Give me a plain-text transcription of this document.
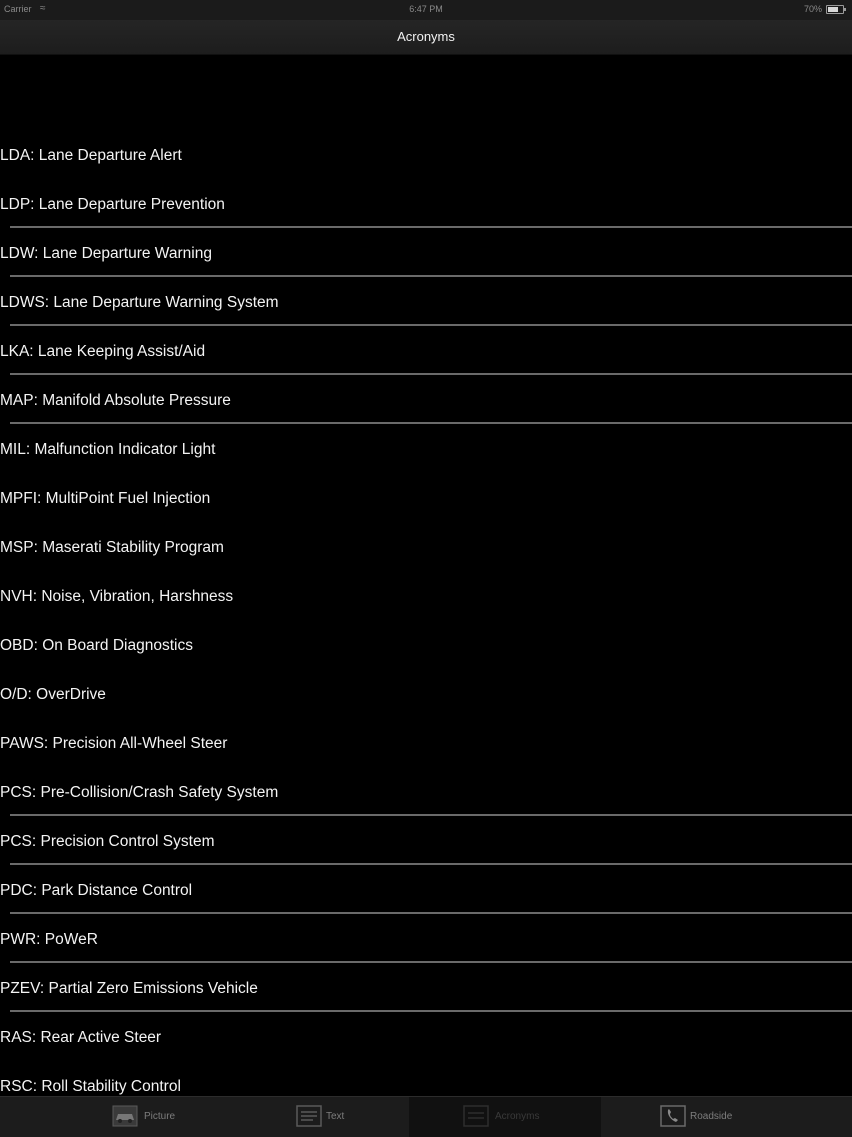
Carrier ≈	6:47 PM	70%
Acronyms
LDA: Lane Departure Alert
LDP: Lane Departure Prevention
LDW: Lane Departure Warning
LDWS: Lane Departure Warning System
LKA: Lane Keeping Assist/Aid
MAP: Manifold Absolute Pressure
MIL: Malfunction Indicator Light
MPFI: MultiPoint Fuel Injection
MSP: Maserati Stability Program
NVH: Noise, Vibration, Harshness
OBD: On Board Diagnostics
O/D: OverDrive
PAWS: Precision All-Wheel Steer
PCS: Pre-Collision/Crash Safety System
PCS: Precision Control System
PDC: Park Distance Control
PWR: PoWeR
PZEV: Partial Zero Emissions Vehicle
RAS: Rear Active Steer
RSC: Roll Stability Control
Picture	Text	Acronyms	Roadside
